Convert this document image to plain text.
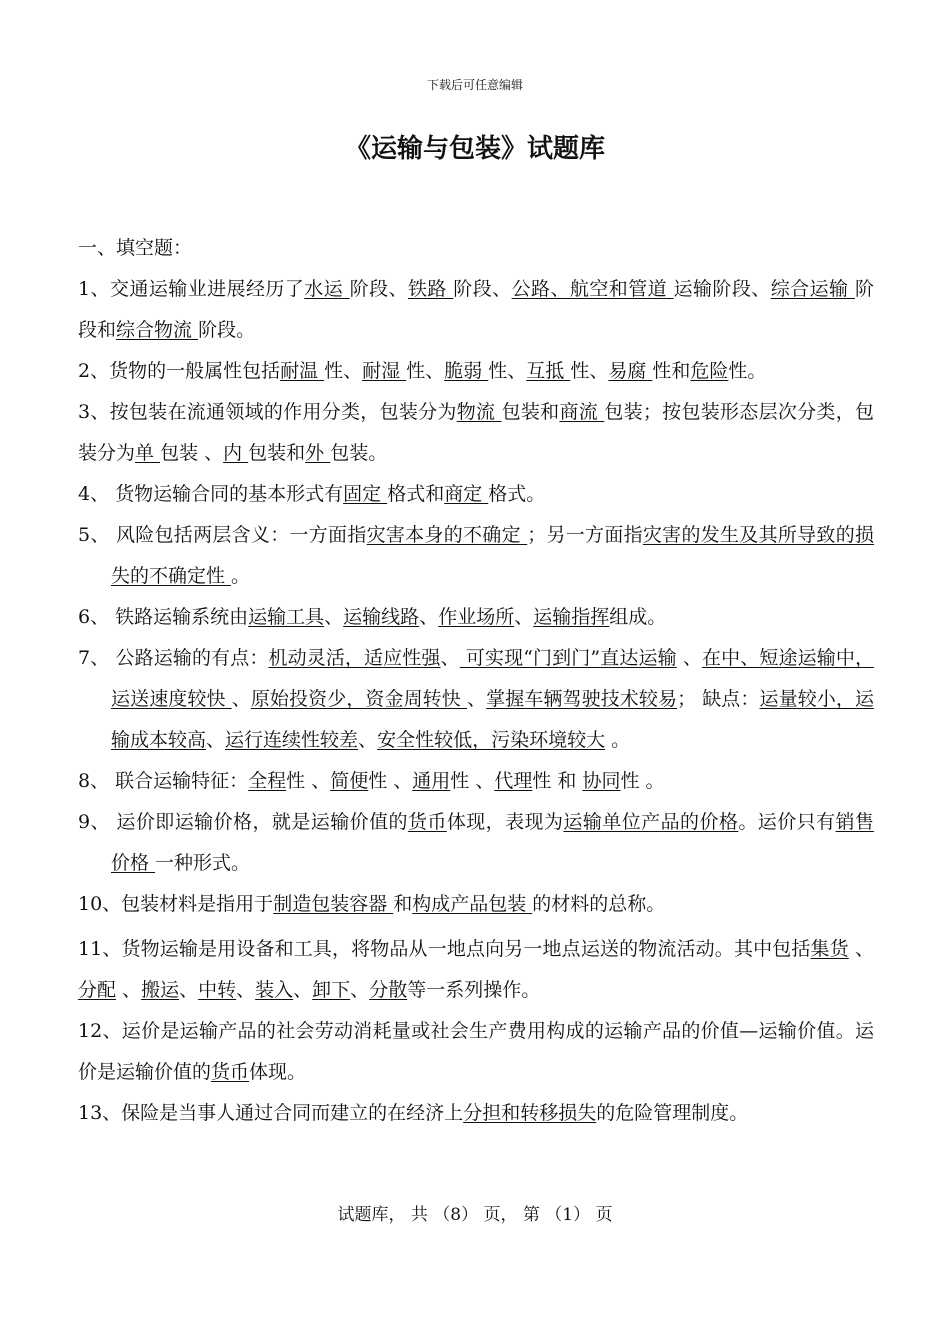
下载后可任意编辑
《运输与包装》试题库
一、填空题：
1、交通运输业进展经历了水运 阶段、铁路 阶段、公路、航空和管道 运输阶段、综合运输 阶段和综合物流 阶段。
2、货物的一般属性包括耐温 性、耐湿 性、脆弱 性、互抵 性、易腐 性和危险性。
3、按包装在流通领域的作用分类，包装分为物流 包装和商流 包装；按包装形态层次分类，包装分为单 包装 、内 包装和外 包装。
4、 货物运输合同的基本形式有固定 格式和商定 格式。
5、 风险包括两层含义：一方面指灾害本身的不确定 ；另一方面指灾害的发生及其所导致的损失的不确定性 。
6、 铁路运输系统由运输工具、运输线路、作业场所、运输指挥组成。
7、 公路运输的有点：机动灵活，适应性强、 可实现“门到门”直达运输 、在中、短途运输中，运送速度较快 、原始投资少，资金周转快 、掌握车辆驾驶技术较易； 缺点：运量较小，运输成本较高、运行连续性较差、安全性较低，污染环境较大 。
8、 联合运输特征：全程性 、简便性 、通用性 、代理性 和 协同性 。
9、 运价即运输价格，就是运输价值的货币体现，表现为运输单位产品的价格。运价只有销售价格 一种形式。
10、包装材料是指用于制造包装容器 和构成产品包装 的材料的总称。
11、货物运输是用设备和工具，将物品从一地点向另一地点运送的物流活动。其中包括集货 、分配 、搬运、中转、装入、卸下、分散等一系列操作。
12、运价是运输产品的社会劳动消耗量或社会生产费用构成的运输产品的价值—运输价值。运价是运输价值的货币体现。
13、保险是当事人通过合同而建立的在经济上分担和转移损失的危险管理制度。
试题库， 共 （8） 页， 第 （1） 页
